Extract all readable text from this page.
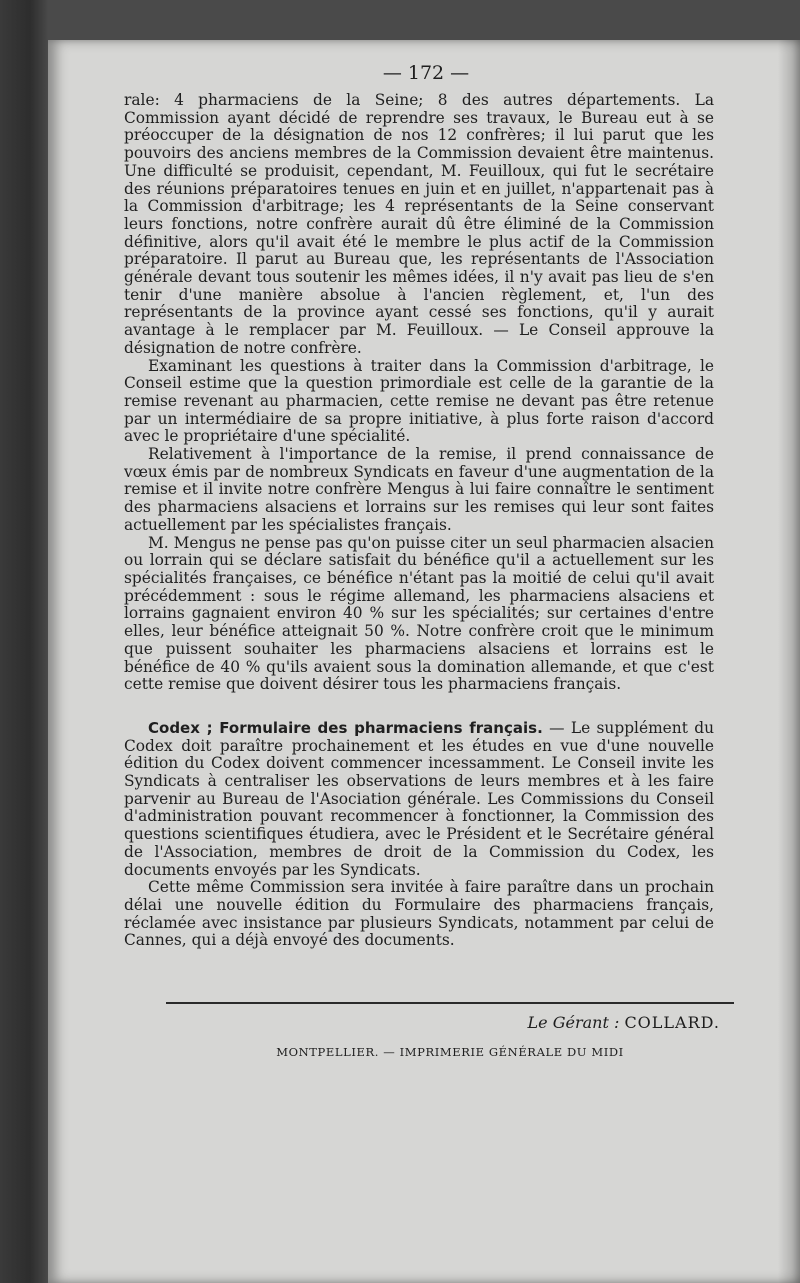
— 172 —

rale: 4 pharmaciens de la Seine; 8 des autres départements. La Commission ayant décidé de reprendre ses travaux, le Bureau eut à se préoccuper de la désignation de nos 12 confrères; il lui parut que les pouvoirs des anciens membres de la Commission devaient être maintenus. Une difficulté se produisit, cependant, M. Feuilloux, qui fut le secrétaire des réunions préparatoires tenues en juin et en juillet, n'appartenait pas à la Commission d'arbitrage; les 4 représentants de la Seine conservant leurs fonctions, notre confrère aurait dû être éliminé de la Commission définitive, alors qu'il avait été le membre le plus actif de la Commission préparatoire. Il parut au Bureau que, les représentants de l'Association générale devant tous soutenir les mêmes idées, il n'y avait pas lieu de s'en tenir d'une manière absolue à l'ancien règlement, et, l'un des représentants de la province ayant cessé ses fonctions, qu'il y aurait avantage à le remplacer par M. Feuilloux. — Le Conseil approuve la désignation de notre confrère.

Examinant les questions à traiter dans la Commission d'arbitrage, le Conseil estime que la question primordiale est celle de la garantie de la remise revenant au pharmacien, cette remise ne devant pas être retenue par un intermédiaire de sa propre initiative, à plus forte raison d'accord avec le propriétaire d'une spécialité.

Relativement à l'importance de la remise, il prend connaissance de vœux émis par de nombreux Syndicats en faveur d'une augmentation de la remise et il invite notre confrère Mengus à lui faire connaître le sentiment des pharmaciens alsaciens et lorrains sur les remises qui leur sont faites actuellement par les spécialistes français.

M. Mengus ne pense pas qu'on puisse citer un seul pharmacien alsacien ou lorrain qui se déclare satisfait du bénéfice qu'il a actuellement sur les spécialités françaises, ce bénéfice n'étant pas la moitié de celui qu'il avait précédemment : sous le régime allemand, les pharmaciens alsaciens et lorrains gagnaient environ 40 % sur les spécialités; sur certaines d'entre elles, leur bénéfice atteignait 50 %. Notre confrère croit que le minimum que puissent souhaiter les pharmaciens alsaciens et lorrains est le bénéfice de 40 % qu'ils avaient sous la domination allemande, et que c'est cette remise que doivent désirer tous les pharmaciens français.

Codex ; Formulaire des pharmaciens français. — Le supplément du Codex doit paraître prochainement et les études en vue d'une nouvelle édition du Codex doivent commencer incessamment. Le Conseil invite les Syndicats à centraliser les observations de leurs membres et à les faire parvenir au Bureau de l'Asociation générale. Les Commissions du Conseil d'administration pouvant recommencer à fonctionner, la Commission des questions scientifiques étudiera, avec le Président et le Secrétaire général de l'Association, membres de droit de la Commission du Codex, les documents envoyés par les Syndicats.

Cette même Commission sera invitée à faire paraître dans un prochain délai une nouvelle édition du Formulaire des pharmaciens français, réclamée avec insistance par plusieurs Syndicats, notamment par celui de Cannes, qui a déjà envoyé des documents.

Le Gérant : COLLARD.
MONTPELLIER. — IMPRIMERIE GÉNÉRALE DU MIDI
